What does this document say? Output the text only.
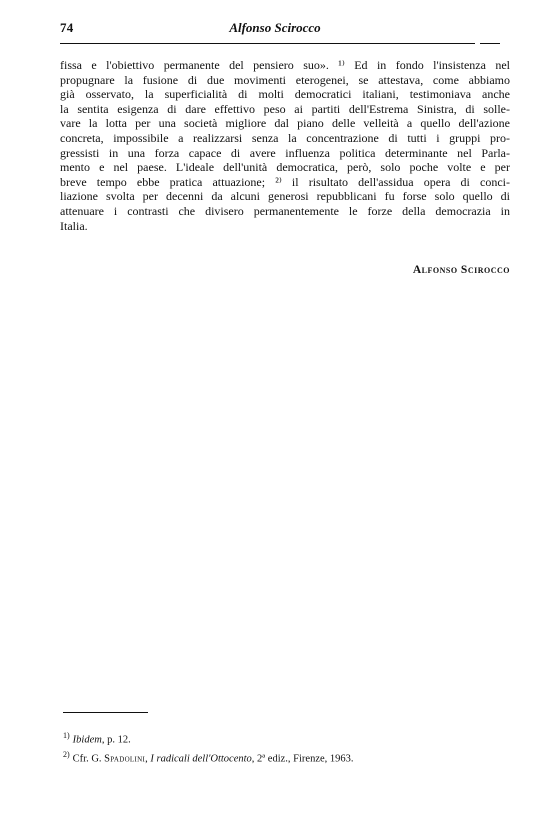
74	Alfonso Scirocco
fissa e l'obiettivo permanente del pensiero suo». ¹⁾ Ed in fondo l'insistenza nel
propugnare la fusione di due movimenti eterogenei, se attestava, come abbiamo
già osservato, la superficialità di molti democratici italiani, testimoniava anche
la sentita esigenza di dare effettivo peso ai partiti dell'Estrema Sinistra, di solle-
vare la lotta per una società migliore dal piano delle velleità a quello dell'azione
concreta, impossibile a realizzarsi senza la concentrazione di tutti i gruppi pro-
gressisti in una forza capace di avere influenza politica determinante nel Parla-
mento e nel paese. L'ideale dell'unità democratica, però, solo poche volte e per
breve tempo ebbe pratica attuazione; ²⁾ il risultato dell'assidua opera di conci-
liazione svolta per decenni da alcuni generosi repubblicani fu forse solo quello di
attenuare i contrasti che divisero permanentemente le forze della democrazia in
Italia.
Alfonso Scirocco
$^{1)}$ Ibidem, p. 12.
$^{2)}$ Cfr. G. Spadolini, I radicali dell'Ottocento, 2ª ediz., Firenze, 1963.
